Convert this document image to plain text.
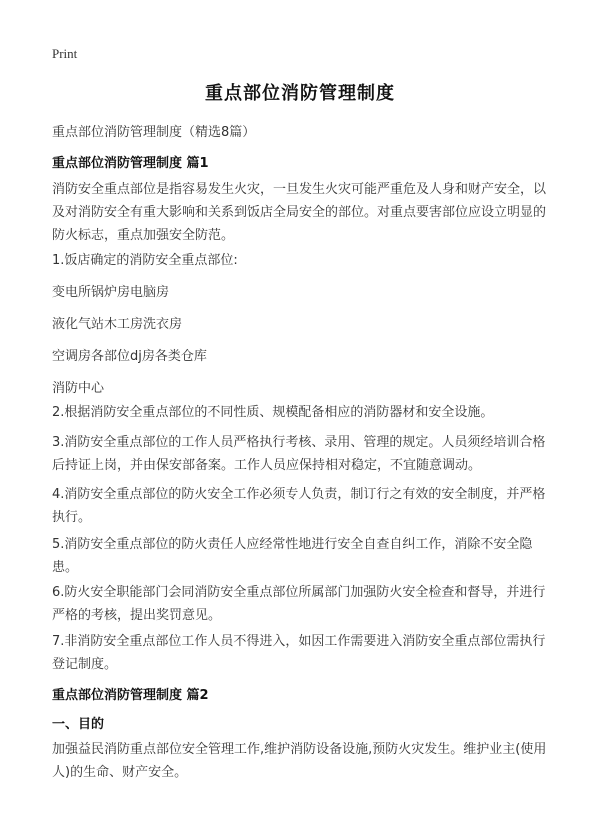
Print
重点部位消防管理制度
重点部位消防管理制度（精选8篇）
重点部位消防管理制度 篇1
消防安全重点部位是指容易发生火灾，一旦发生火灾可能严重危及人身和财产安全，以及对消防安全有重大影响和关系到饭店全局安全的部位。对重点要害部位应设立明显的防火标志，重点加强安全防范。
1.饭店确定的消防安全重点部位:
变电所锅炉房电脑房
液化气站木工房洗衣房
空调房各部位dj房各类仓库
消防中心
2.根据消防安全重点部位的不同性质、规模配备相应的消防器材和安全设施。
3.消防安全重点部位的工作人员严格执行考核、录用、管理的规定。人员须经培训合格后持证上岗，并由保安部备案。工作人员应保持相对稳定，不宜随意调动。
4.消防安全重点部位的防火安全工作必须专人负责，制订行之有效的安全制度，并严格执行。
5.消防安全重点部位的防火责任人应经常性地进行安全自查自纠工作，消除不安全隐患。
6.防火安全职能部门会同消防安全重点部位所属部门加强防火安全检查和督导，并进行严格的考核，提出奖罚意见。
7.非消防安全重点部位工作人员不得进入，如因工作需要进入消防安全重点部位需执行登记制度。
重点部位消防管理制度 篇2
一、目的
加强益民消防重点部位安全管理工作,维护消防设备设施,预防火灾发生。维护业主(使用人)的生命、财产安全。
